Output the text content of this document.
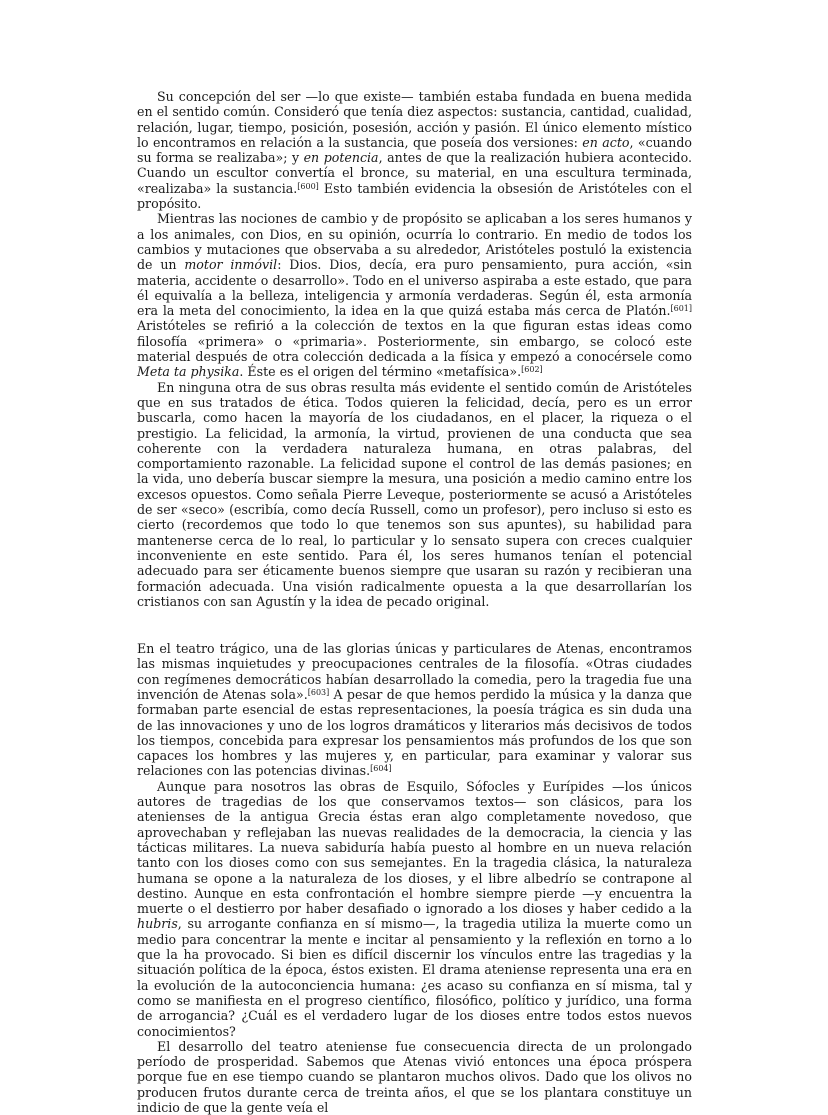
Su concepción del ser —lo que existe— también estaba fundada en buena medida en el sentido común. Consideró que tenía diez aspectos: sustancia, cantidad, cualidad, relación, lugar, tiempo, posición, posesión, acción y pasión. El único elemento místico lo encontramos en relación a la sustancia, que poseía dos versiones: en acto, «cuando su forma se realizaba»; y en potencia, antes de que la realización hubiera acontecido. Cuando un escultor convertía el bronce, su material, en una escultura terminada, «realizaba» la sustancia.[600] Esto también evidencia la obsesión de Aristóteles con el propósito.

Mientras las nociones de cambio y de propósito se aplicaban a los seres humanos y a los animales, con Dios, en su opinión, ocurría lo contrario. En medio de todos los cambios y mutaciones que observaba a su alrededor, Aristóteles postuló la existencia de un motor inmóvil: Dios. Dios, decía, era puro pensamiento, pura acción, «sin materia, accidente o desarrollo». Todo en el universo aspiraba a este estado, que para él equivalía a la belleza, inteligencia y armonía verdaderas. Según él, esta armonía era la meta del conocimiento, la idea en la que quizá estaba más cerca de Platón.[601] Aristóteles se refirió a la colección de textos en la que figuran estas ideas como filosofía «primera» o «primaria». Posteriormente, sin embargo, se colocó este material después de otra colección dedicada a la física y empezó a conocérsele como Meta ta physika. Éste es el origen del término «metafísica».[602]

En ninguna otra de sus obras resulta más evidente el sentido común de Aristóteles que en sus tratados de ética. Todos quieren la felicidad, decía, pero es un error buscarla, como hacen la mayoría de los ciudadanos, en el placer, la riqueza o el prestigio. La felicidad, la armonía, la virtud, provienen de una conducta que sea coherente con la verdadera naturaleza humana, en otras palabras, del comportamiento razonable. La felicidad supone el control de las demás pasiones; en la vida, uno debería buscar siempre la mesura, una posición a medio camino entre los excesos opuestos. Como señala Pierre Leveque, posteriormente se acusó a Aristóteles de ser «seco» (escribía, como decía Russell, como un profesor), pero incluso si esto es cierto (recordemos que todo lo que tenemos son sus apuntes), su habilidad para mantenerse cerca de lo real, lo particular y lo sensato supera con creces cualquier inconveniente en este sentido. Para él, los seres humanos tenían el potencial adecuado para ser éticamente buenos siempre que usaran su razón y recibieran una formación adecuada. Una visión radicalmente opuesta a la que desarrollarían los cristianos con san Agustín y la idea de pecado original.

En el teatro trágico, una de las glorias únicas y particulares de Atenas, encontramos las mismas inquietudes y preocupaciones centrales de la filosofía. «Otras ciudades con regímenes democráticos habían desarrollado la comedia, pero la tragedia fue una invención de Atenas sola».[603] A pesar de que hemos perdido la música y la danza que formaban parte esencial de estas representaciones, la poesía trágica es sin duda una de las innovaciones y uno de los logros dramáticos y literarios más decisivos de todos los tiempos, concebida para expresar los pensamientos más profundos de los que son capaces los hombres y las mujeres y, en particular, para examinar y valorar sus relaciones con las potencias divinas.[604]

Aunque para nosotros las obras de Esquilo, Sófocles y Eurípides —los únicos autores de tragedias de los que conservamos textos— son clásicos, para los atenienses de la antigua Grecia éstas eran algo completamente novedoso, que aprovechaban y reflejaban las nuevas realidades de la democracia, la ciencia y las tácticas militares. La nueva sabiduría había puesto al hombre en un nueva relación tanto con los dioses como con sus semejantes. En la tragedia clásica, la naturaleza humana se opone a la naturaleza de los dioses, y el libre albedrío se contrapone al destino. Aunque en esta confrontación el hombre siempre pierde —y encuentra la muerte o el destierro por haber desafiado o ignorado a los dioses y haber cedido a la hubris, su arrogante confianza en sí mismo—, la tragedia utiliza la muerte como un medio para concentrar la mente e incitar al pensamiento y la reflexión en torno a lo que la ha provocado. Si bien es difícil discernir los vínculos entre las tragedias y la situación política de la época, éstos existen. El drama ateniense representa una era en la evolución de la autoconciencia humana: ¿es acaso su confianza en sí misma, tal y como se manifiesta en el progreso científico, filosófico, político y jurídico, una forma de arrogancia? ¿Cuál es el verdadero lugar de los dioses entre todos estos nuevos conocimientos?

El desarrollo del teatro ateniense fue consecuencia directa de un prolongado período de prosperidad. Sabemos que Atenas vivió entonces una época próspera porque fue en ese tiempo cuando se plantaron muchos olivos. Dado que los olivos no producen frutos durante cerca de treinta años, el que se los plantara constituye un indicio de que la gente veía el
